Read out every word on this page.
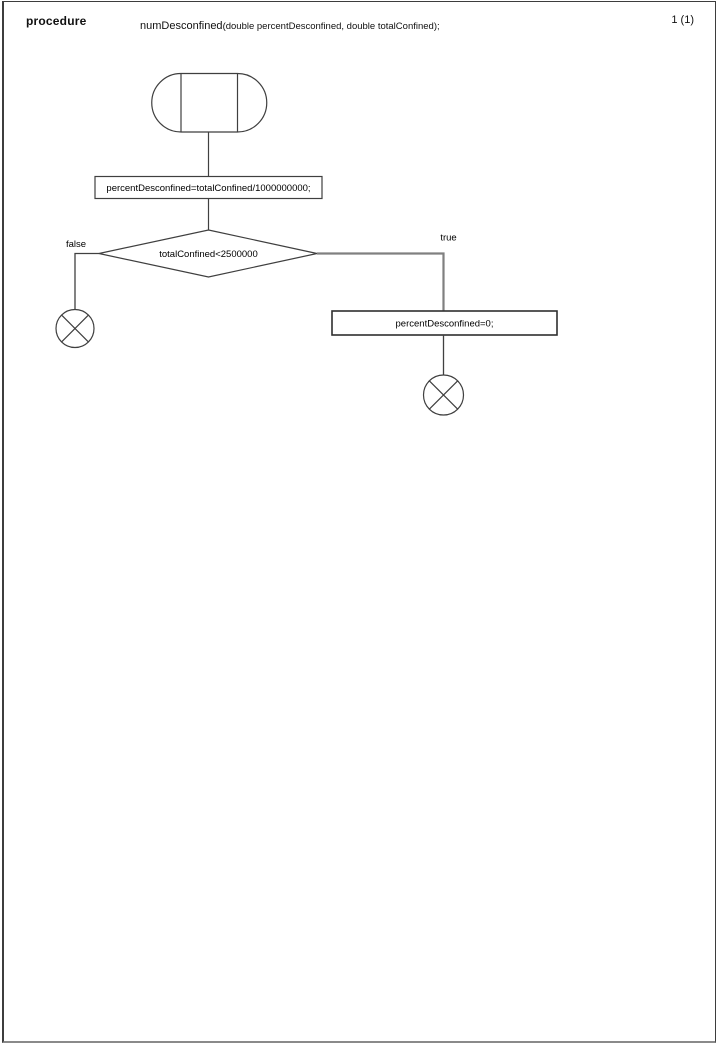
procedure	numDesconfined(double percentDesconfined, double totalConfined);
1 (1)
percentDesconfined=totalConfined/1000000000;
totalConfined<2500000
false
true
percentDesconfined=0;
